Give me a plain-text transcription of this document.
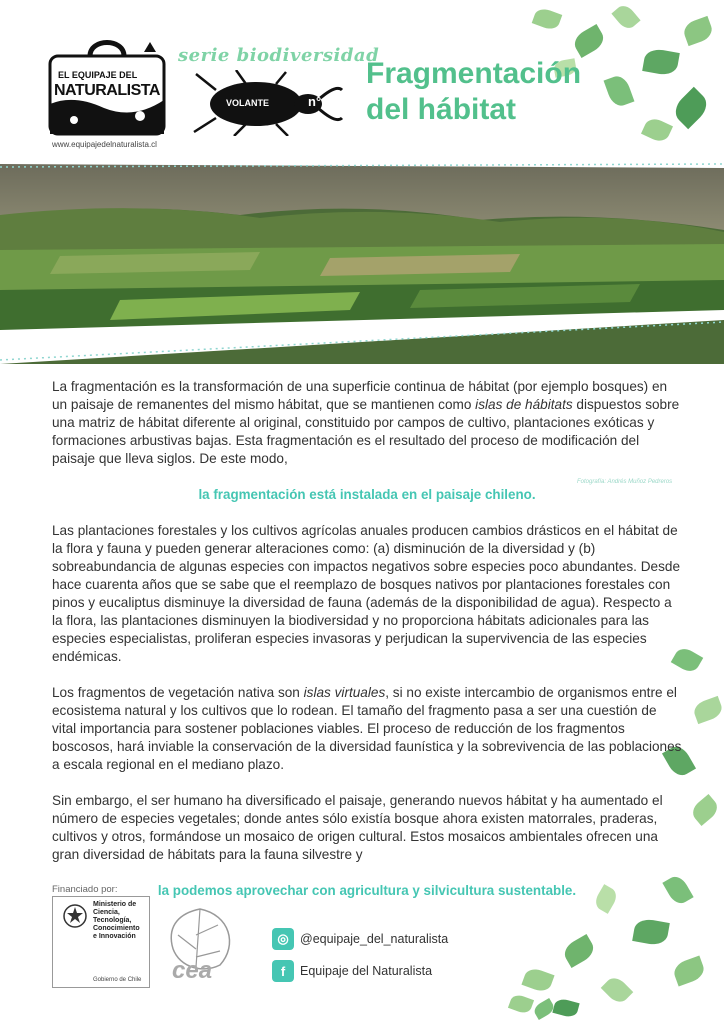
EL EQUIPAJE DEL
NATURALISTA
www.equipajedelnaturalista.cl
serie biodiversidad
VOLANTE	n° 5
Fragmentación
del hábitat
Fotografía: Andrés Muñoz Pedreros

La fragmentación es la transformación de una superficie continua de hábitat (por ejemplo bosques) en un paisaje de remanentes del mismo hábitat, que se mantienen como islas de hábitats dispuestos sobre una matriz de hábitat diferente al original, constituido por campos de cultivo, plantaciones exóticas y formaciones arbustivas bajas. Esta fragmentación es el resultado del proceso de modificación del paisaje que lleva siglos. De este modo,

la fragmentación está instalada en el paisaje chileno.

Las plantaciones forestales y los cultivos agrícolas anuales producen cambios drásticos en el hábitat de la flora y fauna y pueden generar alteraciones como: (a) disminución de la diversidad y (b) sobreabundancia de algunas especies con impactos negativos sobre especies poco abundantes. Desde hace cuarenta años que se sabe que el reemplazo de bosques nativos por plantaciones forestales con pinos y eucaliptus disminuye la diversidad de fauna (además de la disponibilidad de agua). Respecto a la flora, las plantaciones disminuyen la biodiversidad y no proporciona hábitats adicionales para las especies especialistas, proliferan especies invasoras y perjudican la supervivencia de las especies endémicas.

Los fragmentos de vegetación nativa son islas virtuales, si no existe intercambio de organismos entre el ecosistema natural y los cultivos que lo rodean. El tamaño del fragmento pasa a ser una cuestión de vital importancia para sostener poblaciones viables. El proceso de reducción de los fragmentos boscosos, hará inviable la conservación de la diversidad faunística y la sobrevivencia de las poblaciones a escala regional en el mediano plazo.

Sin embargo, el ser humano ha diversificado el paisaje, generando nuevos hábitat y ha aumentado el número de especies vegetales; donde antes sólo existía bosque ahora existen matorrales, praderas, cultivos y otros, formándose un mosaico de origen cultural. Estos mosaicos ambientales ofrecen una gran diversidad de hábitats para la fauna silvestre y

la podemos aprovechar con agricultura y silvicultura sustentable.

Financiado por:
Ministerio de
Ciencia,
Tecnología,
Conocimiento
e Innovación
Gobierno de Chile cea
◎ @equipaje_del_naturalista
f	Equipaje del Naturalista
